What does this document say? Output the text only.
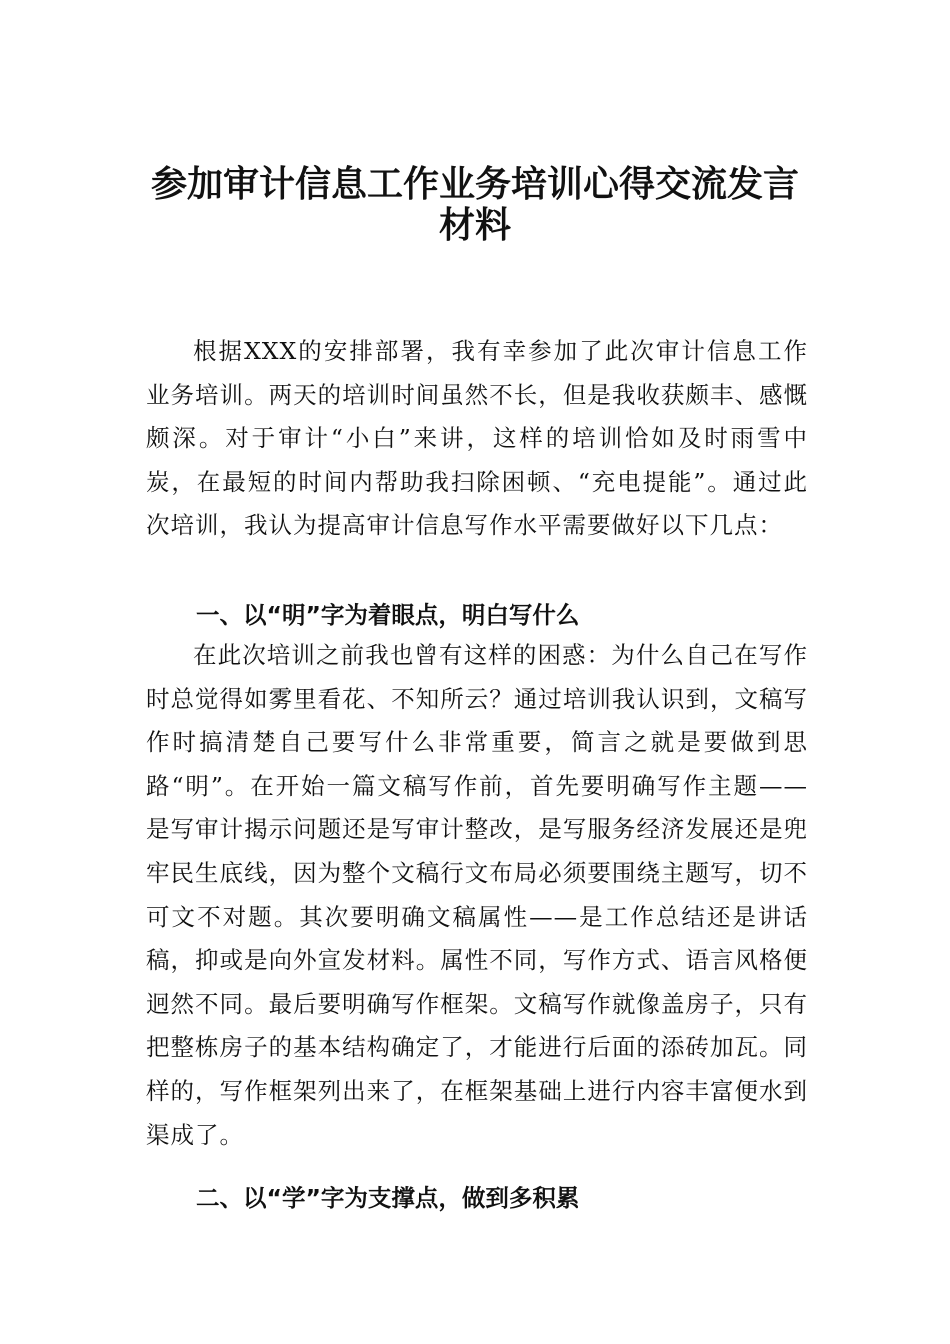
参加审计信息工作业务培训心得交流发言
材料

根据XXX的安排部署，我有幸参加了此次审计信息工作业务培训。两天的培训时间虽然不长，但是我收获颇丰、感慨颇深。对于审计“小白”来讲，这样的培训恰如及时雨雪中炭，在最短的时间内帮助我扫除困顿、“充电提能”。通过此次培训，我认为提高审计信息写作水平需要做好以下几点：

一、以“明”字为着眼点，明白写什么

在此次培训之前我也曾有这样的困惑：为什么自己在写作时总觉得如雾里看花、不知所云？通过培训我认识到，文稿写作时搞清楚自己要写什么非常重要，简言之就是要做到思路“明”。在开始一篇文稿写作前，首先要明确写作主题——是写审计揭示问题还是写审计整改，是写服务经济发展还是兜牢民生底线，因为整个文稿行文布局必须要围绕主题写，切不可文不对题。其次要明确文稿属性——是工作总结还是讲话稿，抑或是向外宣发材料。属性不同，写作方式、语言风格便迥然不同。最后要明确写作框架。文稿写作就像盖房子，只有把整栋房子的基本结构确定了，才能进行后面的添砖加瓦。同样的，写作框架列出来了，在框架基础上进行内容丰富便水到渠成了。

二、以“学”字为支撑点，做到多积累
